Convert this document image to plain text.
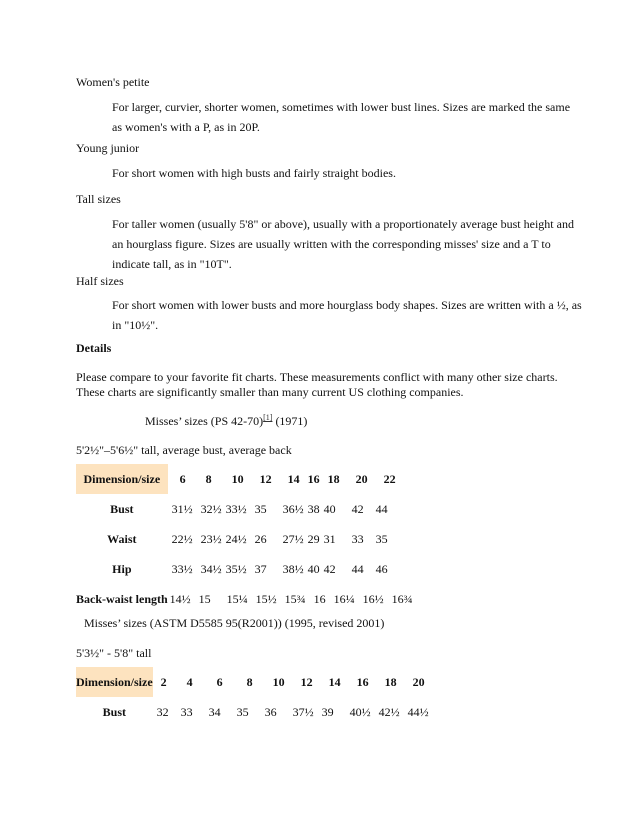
Women's petite
For larger, curvier, shorter women, sometimes with lower bust lines. Sizes are marked the same
as women's with a P, as in 20P.
Young junior
For short women with high busts and fairly straight bodies.
Tall sizes
For taller women (usually 5'8" or above), usually with a proportionately average bust height and
an hourglass figure. Sizes are usually written with the corresponding misses' size and a T to
indicate tall, as in "10T".
Half sizes
For short women with lower busts and more hourglass body shapes. Sizes are written with a ½, as
in "10½".
Details
Please compare to your favorite fit charts. These measurements conflict with many other size charts.
These charts are significantly smaller than many current US clothing companies.
Misses’ sizes (PS 42-70)[1] (1971)
5'2½"–5'6½" tall, average bust, average back
Dimension/size	6     8     10    12    14  16  18    20    22
Bust	31½  32½ 33½  35    36½ 38 40    42   44
Waist	22½  23½ 24½  26    27½ 29 31    33   35
Hip	33½  34½ 35½  37    38½ 40 42    44   46
Back-waist length	14½  15    15¼  15½  15¾  16  16¼  16½  16¾
Misses’ sizes (ASTM D5585 95(R2001)) (1995, revised 2001)
5'3½" - 5'8" tall
Dimension/size	2     4      6      8     10    12    14    16    18    20
Bust	32   33    34    35    36    37½  39    40½  42½  44½
